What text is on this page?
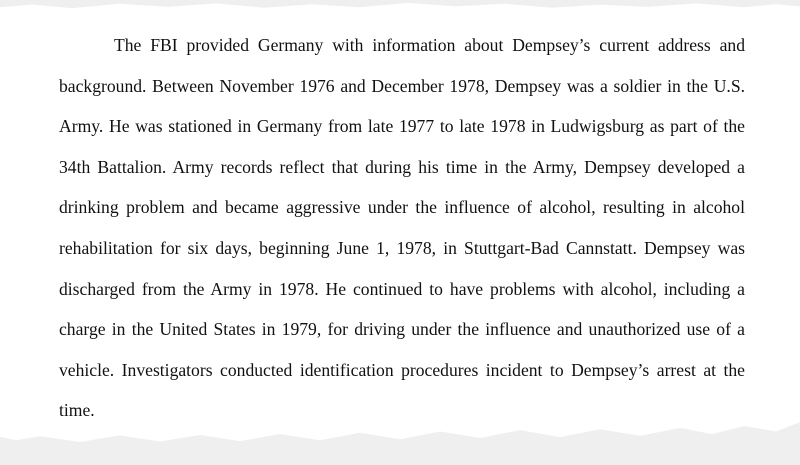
The FBI provided Germany with information about Dempsey’s current address and background. Between November 1976 and December 1978, Dempsey was a soldier in the U.S. Army. He was stationed in Germany from late 1977 to late 1978 in Ludwigsburg as part of the 34th Battalion. Army records reflect that during his time in the Army, Dempsey developed a drinking problem and became aggressive under the influence of alcohol, resulting in alcohol rehabilitation for six days, beginning June 1, 1978, in Stuttgart-Bad Cannstatt. Dempsey was discharged from the Army in 1978. He continued to have problems with alcohol, including a charge in the United States in 1979, for driving under the influence and unauthorized use of a vehicle. Investigators conducted identification procedures incident to Dempsey’s arrest at the time.
